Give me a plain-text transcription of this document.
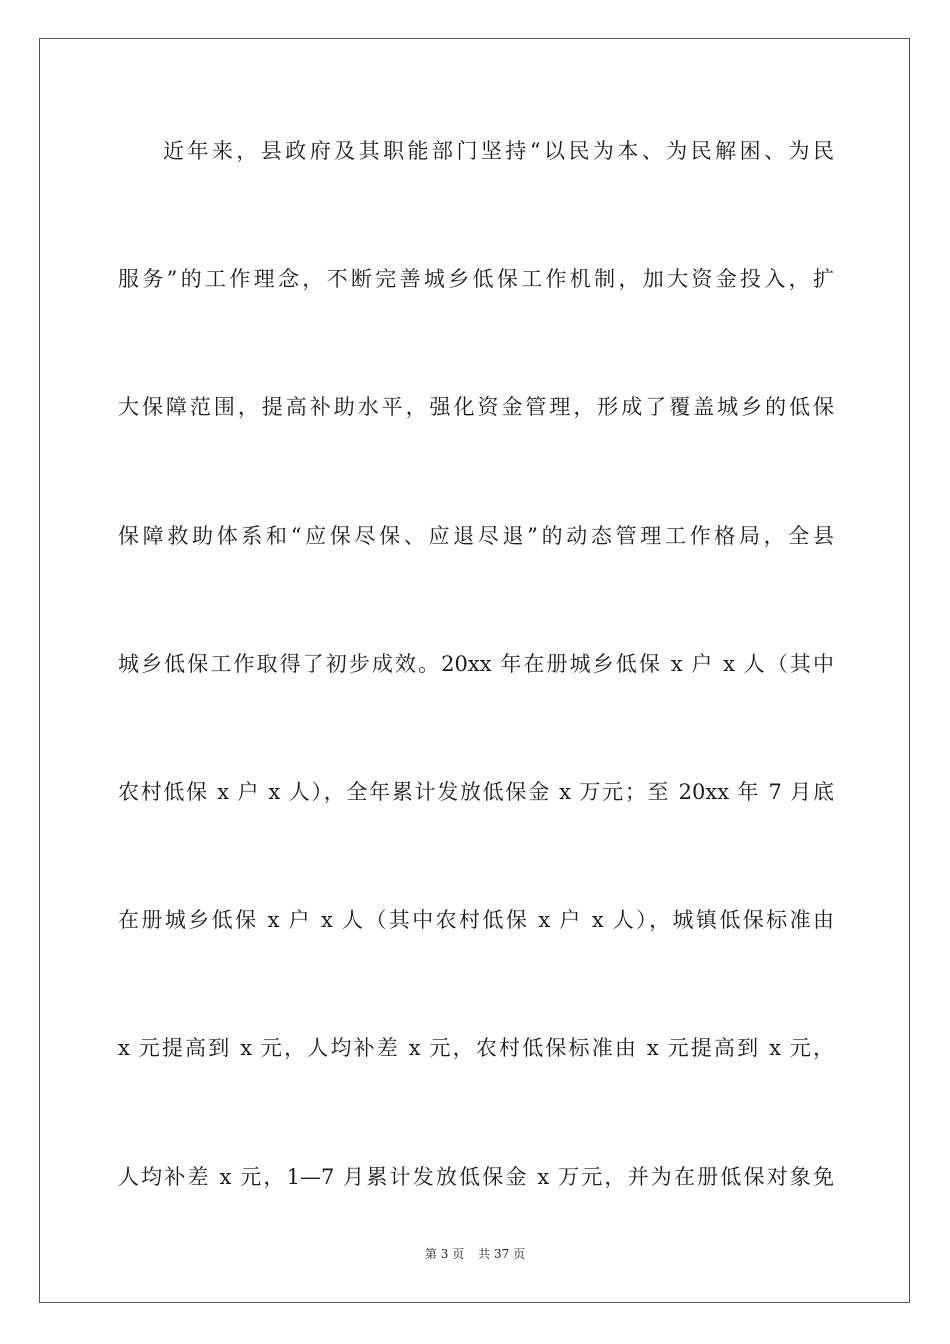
近年来，县政府及其职能部门坚持“以民为本、为民解困、为民
服务”的工作理念，不断完善城乡低保工作机制，加大资金投入，扩
大保障范围，提高补助水平，强化资金管理，形成了覆盖城乡的低保
保障救助体系和“应保尽保、应退尽退”的动态管理工作格局，全县
城乡低保工作取得了初步成效。20xx 年在册城乡低保 x 户 x 人（其中
农村低保 x 户 x 人），全年累计发放低保金 x 万元；至 20xx 年 7 月底
在册城乡低保 x 户 x 人（其中农村低保 x 户 x 人），城镇低保标准由
x 元提高到 x 元，人均补差 x 元，农村低保标准由 x 元提高到 x 元，
人均补差 x 元，1—7 月累计发放低保金 x 万元，并为在册低保对象免
第 3 页 共 37 页
